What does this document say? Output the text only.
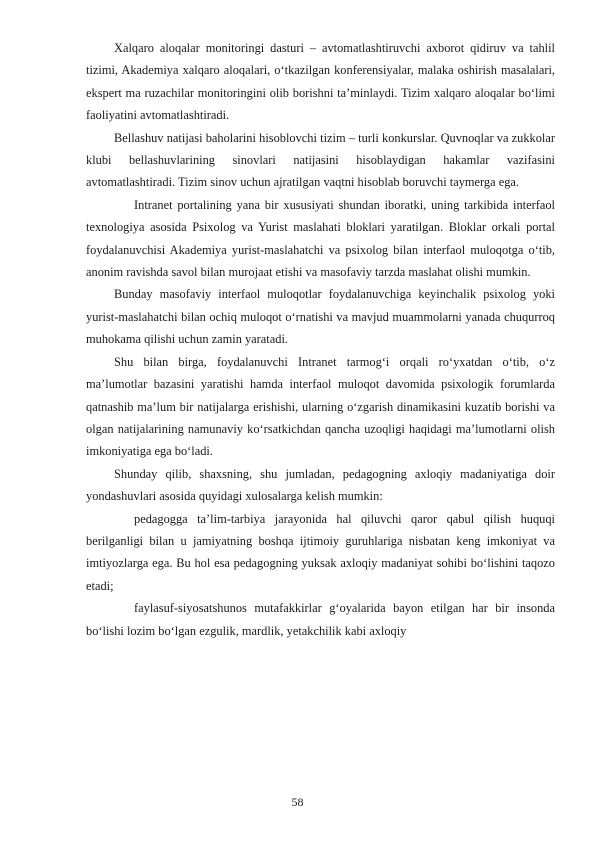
Xalqaro aloqalar monitoringi dasturi – avtomatlashtiruvchi axborot qidiruv va tahlil tizimi, Akademiya xalqaro aloqalari, o‘tkazilgan konferensiyalar, malaka oshirish masalalari, ekspert ma ruzachilar monitoringini olib borishni ta’minlaydi. Tizim xalqaro aloqalar bo‘limi faoliyatini avtomatlashtiradi.

Bellashuv natijasi baholarini hisoblovchi tizim – turli konkurslar. Quvnoqlar va zukkolar klubi bellashuvlarining sinovlari natijasini hisoblaydigan hakamlar vazifasini avtomatlashtiradi. Tizim sinov uchun ajratilgan vaqtni hisoblab boruvchi taymerga ega.

Intranet portalining yana bir xususiyati shundan iboratki, uning tarkibida interfaol texnologiya asosida Psixolog va Yurist maslahati bloklari yaratilgan. Bloklar orkali portal foydalanuvchisi Akademiya yurist-maslahatchi va psixolog bilan interfaol muloqotga o‘tib, anonim ravishda savol bilan murojaat etishi va masofaviy tarzda maslahat olishi mumkin.

Bunday masofaviy interfaol muloqotlar foydalanuvchiga keyinchalik psixolog yoki yurist-maslahatchi bilan ochiq muloqot o‘rnatishi va mavjud muammolarni yanada chuqurroq muhokama qilishi uchun zamin yaratadi.

Shu bilan birga, foydalanuvchi Intranet tarmog‘i orqali ro‘yxatdan o‘tib, o‘z ma’lumotlar bazasini yaratishi hamda interfaol muloqot davomida psixologik forumlarda qatnashib ma’lum bir natijalarga erishishi, ularning o‘zgarish dinamikasini kuzatib borishi va olgan natijalarining namunaviy ko‘rsatkichdan qancha uzoqligi haqidagi ma’lumotlarni olish imkoniyatiga ega bo‘ladi.

Shunday qilib, shaxsning, shu jumladan, pedagogning axloqiy madaniyatiga doir yondashuvlari asosida quyidagi xulosalarga kelish mumkin:

pedagogga ta’lim-tarbiya jarayonida hal qiluvchi qaror qabul qilish huquqi berilganligi bilan u jamiyatning boshqa ijtimoiy guruhlariga nisbatan keng imkoniyat va imtiyozlarga ega. Bu hol esa pedagogning yuksak axloqiy madaniyat sohibi bo‘lishini taqozo etadi;

faylasuf-siyosatshunos mutafakkirlar g‘oyalarida bayon etilgan har bir insonda bo‘lishi lozim bo‘lgan ezgulik, mardlik, yetakchilik kabi axloqiy

58
